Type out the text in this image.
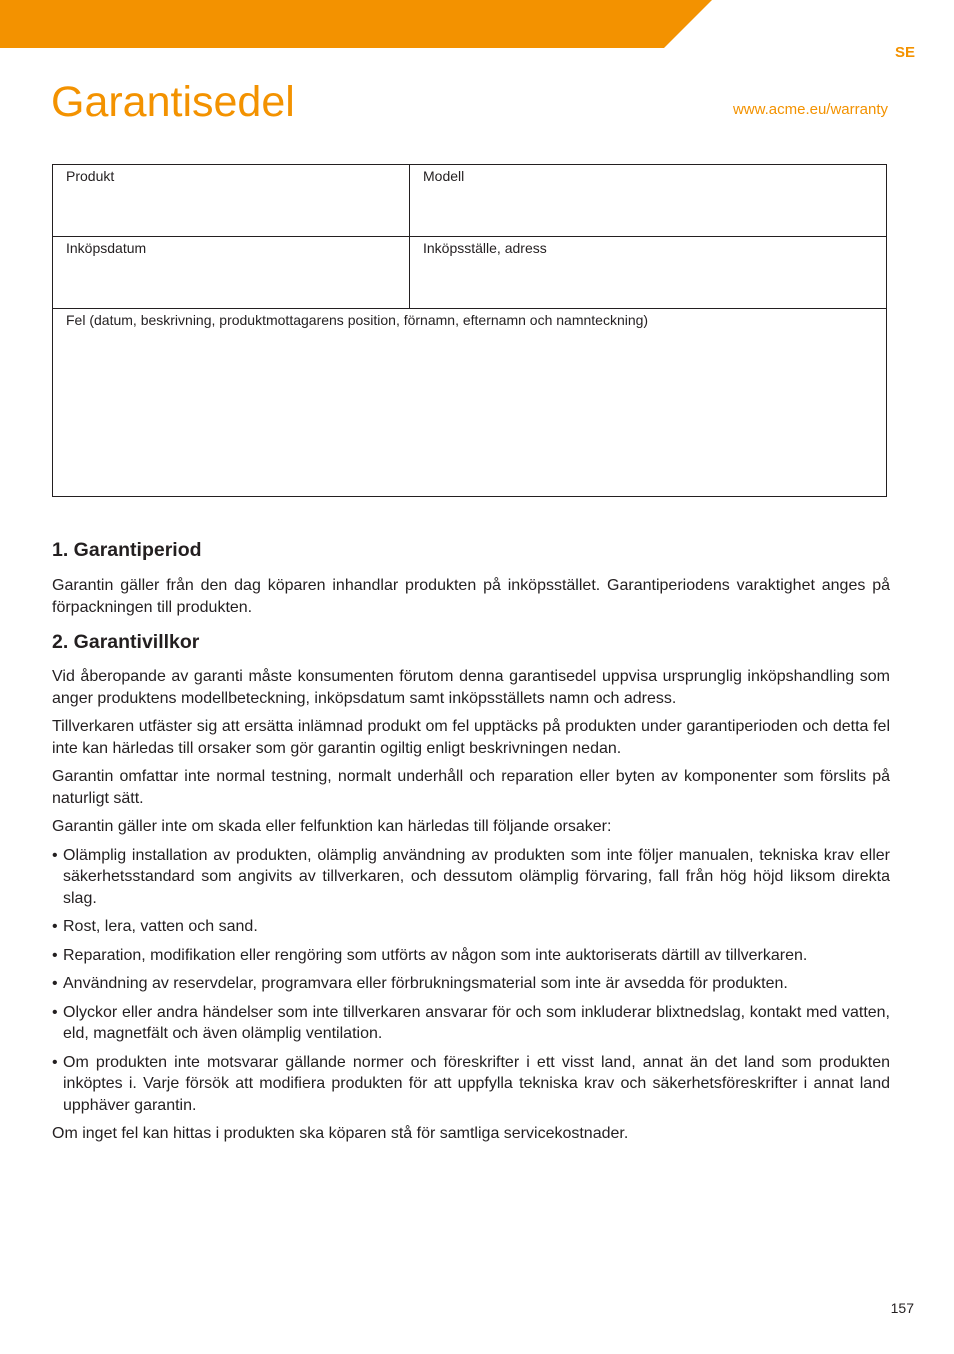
SE
Garantisedel	www.acme.eu/warranty
Produkt	Modell
Inköpsdatum	Inköpsställe, adress
Fel (datum, beskrivning, produktmottagarens position, förnamn, efternamn och namnteckning)	
1. Garantiperiod

Garantin gäller från den dag köparen inhandlar produkten på inköpsstället. Garantiperiodens varaktighet anges på förpackningen till produkten.

2. Garantivillkor

Vid åberopande av garanti måste konsumenten förutom denna garantisedel uppvisa ursprunglig inköpshandling som anger produktens modellbeteckning, inköpsdatum samt inköpsställets namn och adress.

Tillverkaren utfäster sig att ersätta inlämnad produkt om fel upptäcks på produkten under garantiperioden och detta fel inte kan härledas till orsaker som gör garantin ogiltig enligt beskrivningen nedan.

Garantin omfattar inte normal testning, normalt underhåll och reparation eller byten av komponenter som förslits på naturligt sätt.

Garantin gäller inte om skada eller felfunktion kan härledas till följande orsaker:

• Olämplig installation av produkten, olämplig användning av produkten som inte följer manualen, tekniska krav eller säkerhetsstandard som angivits av tillverkaren, och dessutom olämplig förvaring, fall från hög höjd liksom direkta slag.
• Rost, lera, vatten och sand.
• Reparation, modifikation eller rengöring som utförts av någon som inte auktoriserats därtill av tillverkaren.
• Användning av reservdelar, programvara eller förbrukningsmaterial som inte är avsedda för produkten.
• Olyckor eller andra händelser som inte tillverkaren ansvarar för och som inkluderar blixtnedslag, kontakt med vatten, eld, magnetfält och även olämplig ventilation.
• Om produkten inte motsvarar gällande normer och föreskrifter i ett visst land, annat än det land som produkten inköptes i. Varje försök att modifiera produkten för att uppfylla tekniska krav och säkerhetsföreskrifter i annat land upphäver garantin.

Om inget fel kan hittas i produkten ska köparen stå för samtliga servicekostnader.

157
